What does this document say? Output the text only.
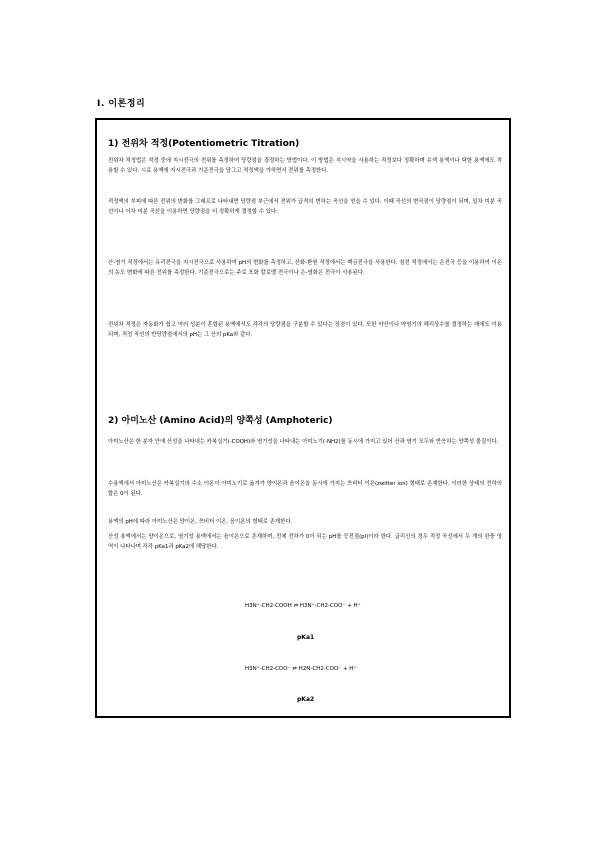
Ⅰ. 이론정리
1) 전위차 적정(Potentiometric Titration)
전위차 적정법은 적정 중에 지시전극의 전위를 측정하여 당량점을 결정하는 방법이다. 이 방법은 지시약을 사용하는 적정보다 정확하며 유색 용액이나 탁한 용액에도 적용할 수 있다. 시료 용액에 지시전극과 기준전극을 담그고 적정액을 가하면서 전위를 측정한다.
적정액의 부피에 따른 전위의 변화를 그래프로 나타내면 당량점 부근에서 전위가 급격히 변하는 곡선을 얻을 수 있다. 이때 곡선의 변곡점이 당량점이 되며, 일차 미분 곡선이나 이차 미분 곡선을 이용하면 당량점을 더 정확하게 결정할 수 있다.
산-염기 적정에서는 유리전극을 지시전극으로 사용하여 pH의 변화를 측정하고, 산화-환원 적정에서는 백금전극을 사용한다. 침전 적정에서는 은전극 등을 이용하여 이온의 농도 변화에 따른 전위를 측정한다. 기준전극으로는 주로 포화 칼로멜 전극이나 은-염화은 전극이 사용된다.
전위차 적정은 자동화가 쉽고 여러 성분이 혼합된 용액에서도 각각의 당량점을 구분할 수 있다는 장점이 있다. 또한 약산이나 약염기의 해리상수를 결정하는 데에도 이용되며, 적정 곡선의 반당량점에서의 pH는 그 산의 pKa와 같다.
2) 아미노산 (Amino Acid)의 양쪽성 (Amphoteric)
아미노산은 한 분자 안에 산성을 나타내는 카복실기(-COOH)와 염기성을 나타내는 아미노기(-NH2)를 동시에 가지고 있어 산과 염기 모두와 반응하는 양쪽성 물질이다.
수용액에서 아미노산은 카복실기의 수소 이온이 아미노기로 옮겨가 양이온과 음이온을 동시에 가지는 쯔비터 이온(zwitter ion) 형태로 존재한다. 이러한 상태의 전하의 합은 0이 된다.
용액의 pH에 따라 아미노산은 양이온, 쯔비터 이온, 음이온의 형태로 존재한다.
산성 용액에서는 양이온으로, 염기성 용액에서는 음이온으로 존재하며, 전체 전하가 0이 되는 pH를 등전점(pI)이라 한다. 글리신의 경우 적정 곡선에서 두 개의 완충 영역이 나타나며 각각 pKa1과 pKa2에 해당한다.
H3N⁺-CH2-COOH ⇌ H3N⁺-CH2-COO⁻ + H⁺
pKa1
H3N⁺-CH2-COO⁻ ⇌ H2N-CH2-COO⁻ + H⁺
pKa2
